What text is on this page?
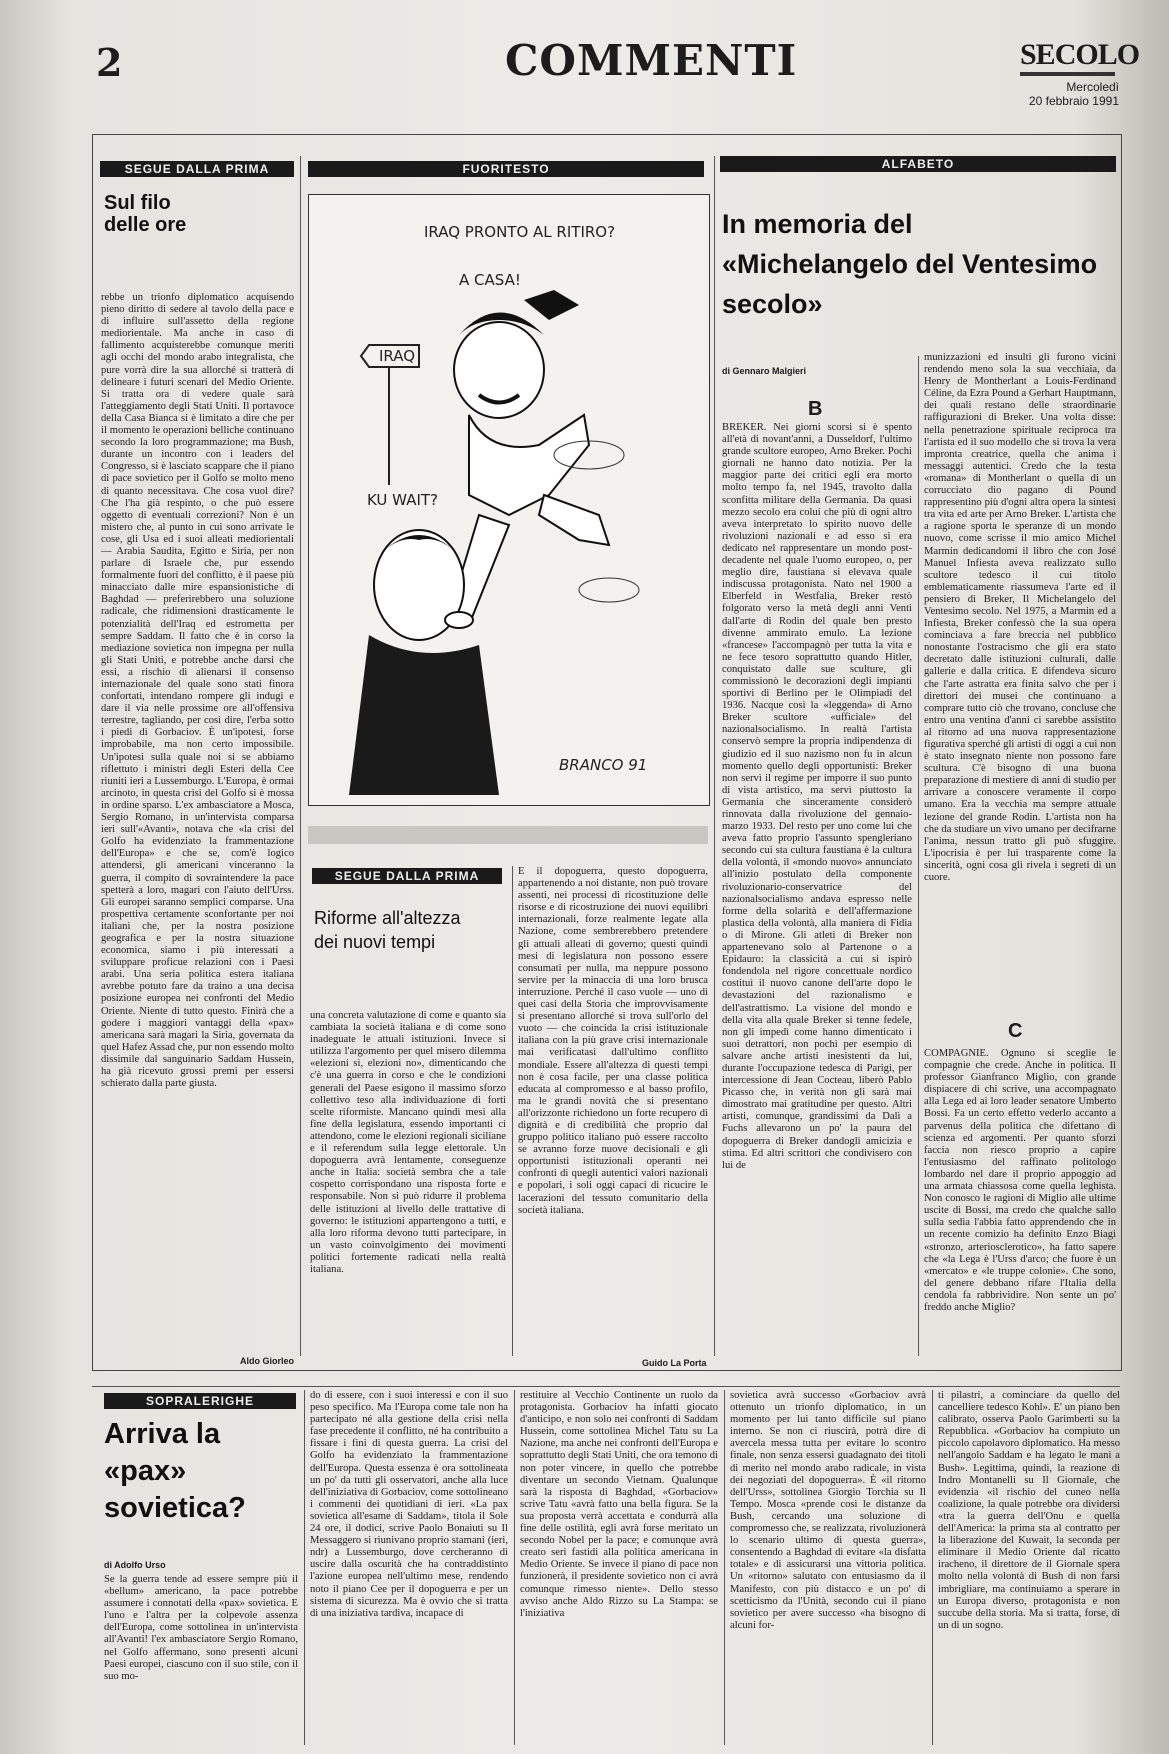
2	COMMENTI	SECOLO
Mercoledì
20 febbraio 1991
SEGUE DALLA PRIMA
Sul filo delle ore

rebbe un trionfo diplomatico acquisendo pieno diritto di sedere al tavolo della pace e di influire sull'assetto della regione mediorientale. Ma anche in caso di fallimento acquisterebbe comunque meriti agli occhi del mondo arabo integralista, che pure vorrà dire la sua allorché si tratterà di delineare i futuri scenari del Medio Oriente. Si tratta ora di vedere quale sarà l'atteggiamento degli Stati Uniti. Il portavoce della Casa Bianca si è limitato a dire che per il momento le operazioni belliche continuano secondo la loro programmazione; ma Bush, durante un incontro con i leaders del Congresso, si è lasciato scappare che il piano di pace sovietico per il Golfo se molto meno di quanto necessitava. Che cosa vuol dire? Che l'ha già respinto, o che può essere oggetto di eventuali correzioni? Non è un mistero che, al punto in cui sono arrivate le cose, gli Usa ed i suoi alleati mediorientali — Arabia Saudita, Egitto e Siria, per non parlare di Israele che, pur essendo formalmente fuori del conflitto, è il paese più minacciato dalle mire espansionistiche di Baghdad — preferirebbero una soluzione radicale, che ridimensioni drasticamente le potenzialità dell'Iraq ed estrometta per sempre Saddam. Il fatto che è in corso la mediazione sovietica non impegna per nulla gli Stati Uniti, e potrebbe anche darsi che essi, a rischio di alienarsi il consenso internazionale del quale sono stati finora confortati, intendano rompere gli indugi e dare il via nelle prossime ore all'offensiva terrestre, tagliando, per così dire, l'erba sotto i piedi di Gorbaciov. È un'ipotesi, forse improbabile, ma non certo impossibile. Un'ipotesi sulla quale noi si se abbiamo riflettuto i ministri degli Esteri della Cee riuniti ieri a Lussemburgo. L'Europa, è ormai arcinoto, in questa crisi del Golfo si è mossa in ordine sparso. L'ex ambasciatore a Mosca, Sergio Romano, in un'intervista comparsa ieri sull'«Avanti», notava che «la crisi del Golfo ha evidenziato la frammentazione dell'Europa» e che se, com'è logico attendersi, gli americani vinceranno la guerra, il compito di sovraintendere la pace spetterà a loro, magari con l'aiuto dell'Urss. Gli europei saranno semplici comparse. Una prospettiva certamente sconfortante per noi italiani che, per la nostra posizione geografica e per la nostra situazione economica, siamo i più interessati a sviluppare proficue relazioni con i Paesi arabi. Una seria politica estera italiana avrebbe potuto fare da traino a una decisa posizione europea nei confronti del Medio Oriente. Niente di tutto questo. Finirà che a godere i maggiori vantaggi della «pax» americana sarà magari la Siria, governata da quel Hafez Assad che, pur non essendo molto dissimile dal sanguinario Saddam Hussein, ha già ricevuto grossi premi per essersi schierato dalla parte giusta.

Aldo Giorleo
FUORITESTO
IRAQ PRONTO AL RITIRO?
A CASA!
IRAQ
KU WAIT?
BRANCO 91
ALFABETO
In memoria del «Michelangelo del Ventesimo secolo»
di Gennaro Malgieri
B

BREKER. Nei giorni scorsi si è spento all'età di novant'anni, a Dusseldorf, l'ultimo grande scultore europeo, Arno Breker. Pochi giornali ne hanno dato notizia. Per la maggior parte dei critici egli era morto molto tempo fa, nel 1945, travolto dalla sconfitta militare della Germania. Da quasi mezzo secolo era colui che più di ogni altro aveva interpretato lo spirito nuovo delle rivoluzioni nazionali e ad esso si era dedicato nel rappresentare un mondo post-decadente nel quale l'uomo europeo, o, per meglio dire, faustiana si elevava quale indiscussa protagonista. Nato nel 1900 a Elberfeld in Westfalia, Breker restò folgorato verso la metà degli anni Venti dall'arte di Rodin del quale ben presto divenne ammirato emulo. La lezione «francese» l'accompagnò per tutta la vita e ne fece tesoro soprattutto quando Hitler, conquistato dalle sue sculture, gli commissionò le decorazioni degli impianti sportivi di Berlino per le Olimpiadi del 1936. Nacque così la «leggenda» di Arno Breker scultore «ufficiale» del nazionalsocialismo. In realtà l'artista conservò sempre la propria indipendenza di giudizio ed il suo nazismo non fu in alcun momento quello degli opportunisti: Breker non servì il regime per imporre il suo punto di vista artistico, ma servì piuttosto la Germania che sinceramente considerò rinnovata dalla rivoluzione del gennaio-marzo 1933. Del resto per uno come lui che aveva fatto proprio l'assunto spengleriano secondo cui sta cultura faustiana è la cultura della volontà, il «mondo nuovo» annunciato all'inizio postulato della componente rivoluzionario-conservatrice del nazionalsocialismo andava espresso nelle forme della solarità e dell'affermazione plastica della volontà, alla maniera di Fidia o di Mirone. Gli atleti di Breker non appartenevano solo al Partenone o a Epidauro: la classicità a cui si ispirò fondendola nel rigore concettuale nordico costituì il nuovo canone dell'arte dopo le devastazioni del razionalismo e dell'astrattismo. La visione del mondo e della vita alla quale Breker si tenne fedele, non gli impedì come hanno dimenticato i suoi detrattori, non pochi per esempio di salvare anche artisti inesistenti da lui, durante l'occupazione tedesca di Parigi, per intercessione di Jean Cocteau, liberò Pablo Picasso che, in verità non gli sarà mai dimostrato mai gratitudine per questo. Altri artisti, comunque, grandissimi da Dalì a Fuchs allevarono un po' la paura del dopoguerra di Breker dandogli amicizia e stima. Ed altri scrittori che condivisero con lui de

munizzazioni ed insulti gli furono vicini rendendo meno sola la sua vecchiaia, da Henry de Montherlant a Louis-Ferdinand Céline, da Ezra Pound a Gerhart Hauptmann, dei quali restano delle straordinarie raffigurazioni di Breker. Una volta disse: nella penetrazione spirituale reciproca tra l'artista ed il suo modello che si trova la vera impronta creatrice, quella che anima i messaggi autentici. Credo che la testa «romana» di Montherlant o quella di un corrucciato dio pagano di Pound rappresentino più d'ogni altra opera la sintesi tra vita ed arte per Arno Breker. L'artista che a ragione sporta le speranze di un mondo nuovo, come scrisse il mio amico Michel Marmin dedicandomi il libro che con José Manuel Infiesta aveva realizzato sullo scultore tedesco il cui titolo emblematicamente riassumeva l'arte ed il pensiero di Breker, Il Michelangelo del Ventesimo secolo. Nel 1975, a Marmin ed a Infiesta, Breker confessò che la sua opera cominciava a fare breccia nel pubblico nonostante l'ostracismo che gli era stato decretato dalle istituzioni culturali, dalle gallerie e dalla critica. E difendeva sicuro che l'arte astratta era finita salvo che per i direttori dei musei che continuano a comprare tutto ciò che trovano, concluse che entro una ventina d'anni ci sarebbe assistito al ritorno ad una nuova rappresentazione figurativa sperché gli artisti di oggi a cui non è stato insegnato niente non possono fare scultura. C'è bisogno di una buona preparazione di mestiere di anni di studio per arrivare a conoscere veramente il corpo umano. Era la vecchia ma sempre attuale lezione del grande Rodin. L'artista non ha che da studiare un vivo umano per decifrarne l'anima, nessun tratto gli può sfuggire. L'ipocrisia è per lui trasparente come la sincerità, ogni cosa gli rivela i segreti di un cuore.

C

COMPAGNIE. Ognuno si sceglie le compagnie che crede. Anche in politica. Il professor Gianfranco Miglio, con grande dispiacere di chi scrive, una accompagnato alla Lega ed ai loro leader senatore Umberto Bossi. Fa un certo effetto vederlo accanto a parvenus della politica che difettano di scienza ed argomenti. Per quanto sforzi faccia non riesco proprio a capire l'entusiasmo del raffinato politologo lombardo nel dare il proprio appoggio ad una armata chiassosa come quella leghista. Non conosco le ragioni di Miglio alle ultime uscite di Bossi, ma credo che qualche sallo sulla sedia l'abbia fatto apprendendo che in un recente comizio ha definito Enzo Biagi «stronzo, arteriosclerotico», ha fatto sapere che «la Lega è l'Urss d'arco; che fuore è un «mercato» e «le truppe colonie». Che sono, del genere debbano rifare l'Italia della cendola fa rabbrividire. Non sente un po' freddo anche Miglio?

SEGUE DALLA PRIMA
Riforme all'altezza dei nuovi tempi

una concreta valutazione di come e quanto sia cambiata la società italiana e di come sono inadeguate le attuali istituzioni. Invece si utilizza l'argomento per quel misero dilemma «elezioni sì, elezioni no», dimenticando che c'è una guerra in corso e che le condizioni generali del Paese esigono il massimo sforzo collettivo teso alla individuazione di forti scelte riformiste. Mancano quindi mesi alla fine della legislatura, essendo importanti ci attendono, come le elezioni regionali siciliane e il referendum sulla legge elettorale. Un dopoguerra avrà lentamente, conseguenze anche in Italia: società sembra che a tale cospetto corrispondano una risposta forte e responsabile. Non si può ridurre il problema delle istituzioni al livello delle trattative di governo: le istituzioni appartengono a tutti, e alla loro riforma devono tutti partecipare, in un vasto coinvolgimento dei movimenti politici fortemente radicati nella realtà italiana.

E il dopoguerra, questo dopoguerra, appartenendo a noi distante, non può trovare assenti, nei processi di ricostituzione delle risorse e di ricostruzione dei nuovi equilibri internazionali, forze realmente legate alla Nazione, come sembrerebbero pretendere gli attuali alleati di governo; questi quindi mesi di legislatura non possono essere consumati per nulla, ma neppure possono servire per la minaccia di una loro brusca interruzione. Perché il caso vuole — uno di quei casi della Storia che improvvisamente si presentano allorché si trova sull'orlo del vuoto — che coincida la crisi istituzionale italiana con la più grave crisi internazionale mai verificatasi dall'ultimo conflitto mondiale. Essere all'altezza di questi tempi non è cosa facile, per una classe politica educata al compromesso e al basso profilo, ma le grandi novità che si presentano all'orizzonte richiedono un forte recupero di dignità e di credibilità che proprio dal gruppo politico italiano può essere raccolto se avranno forze nuove decisionali e gli opportunisti istituzionali operanti nei confronti di quegli autentici valori nazionali e popolari, i soli oggi capaci di ricucire le lacerazioni del tessuto comunitario della società italiana.

Guido La Porta
SOPRALERIGHE
Arriva la «pax» sovietica?
di Adolfo Urso

Se la guerra tende ad essere sempre più il «bellum» americano, la pace potrebbe assumere i connotati della «pax» sovietica. E l'uno e l'altra per la colpevole assenza dell'Europa, come sottolinea in un'intervista all'Avanti! l'ex ambasciatore Sergio Romano, nel Golfo affermano, sono presenti alcuni Paesi europei, ciascuno con il suo stile, con il suo mo-

do di essere, con i suoi interessi e con il suo peso specifico. Ma l'Europa come tale non ha partecipato né alla gestione della crisi nella fase precedente il conflitto, né ha contribuito a fissare i fini di questa guerra. La crisi del Golfo ha evidenziato la frammentazione dell'Europa. Questa essenza è ora sottolineata un po' da tutti gli osservatori, anche alla luce dell'iniziativa di Gorbaciov, come sottolineano i commenti dei quotidiani di ieri. «La pax sovietica all'esame di Saddam», titola il Sole 24 ore, il dodici, scrive Paolo Bonaiuti su Il Messaggero si riunivano proprio stamani (ieri, ndr) a Lussemburgo, dove cercheranno di uscire dalla oscurità che ha contraddistinto l'azione europea nell'ultimo mese, rendendo noto il piano Cee per il dopoguerra e per un sistema di sicurezza. Ma è ovvio che si tratta di una iniziativa tardiva, incapace di

restituire al Vecchio Continente un ruolo da protagonista. Gorbaciov ha infatti giocato d'anticipo, e non solo nei confronti di Saddam Hussein, come sottolinea Michel Tatu su La Nazione, ma anche nei confronti dell'Europa e soprattutto degli Stati Uniti, che ora temono di non poter vincere, in quello che potrebbe diventare un secondo Vietnam. Qualunque sarà la risposta di Baghdad, «Gorbaciov» scrive Tatu «avrà fatto una bella figura. Se la sua proposta verrà accettata e condurrà alla fine delle ostilità, egli avrà forse meritato un secondo Nobel per la pace; e comunque avrà creato seri fastidi alla politica americana in Medio Oriente. Se invece il piano di pace non funzionerà, il presidente sovietico non ci avrà comunque rimesso niente». Dello stesso avviso anche Aldo Rizzo su La Stampa: se l'iniziativa

sovietica avrà successo «Gorbaciov avrà ottenuto un trionfo diplomatico, in un momento per lui tanto difficile sul piano interno. Se non ci riuscirà, potrà dire di avercela messa tutta per evitare lo scontro finale, non senza essersi guadagnato dei titoli di merito nel mondo arabo radicale, in vista dei negoziati del dopoguerra». È «il ritorno dell'Urss», sottolinea Giorgio Torchia su Il Tempo. Mosca «prende così le distanze da Bush, cercando una soluzione di compromesso che, se realizzata, rivoluzionerà lo scenario ultimo di questa guerra», consentendo a Baghdad di evitare «la disfatta totale» e di assicurarsi una vittoria politica. Un «ritorno» salutato con entusiasmo da il Manifesto, con più distacco e un po' di scetticismo da l'Unità, secondo cui il piano sovietico per avere successo «ha bisogno di alcuni for-

ti pilastri, a cominciare da quello del cancelliere tedesco Kohl». E' un piano ben calibrato, osserva Paolo Garimberti su la Repubblica. «Gorbaciov ha compiuto un piccolo capolavoro diplomatico. Ha messo nell'angolo Saddam e ha legato le mani a Bush». Legittima, quindi, la reazione di Indro Montanelli su Il Giornale, che evidenzia «il rischio del cuneo nella coalizione, la quale potrebbe ora dividersi «tra la guerra dell'Onu e quella dell'America: la prima sta al contratto per la liberazione del Kuwait, la seconda per eliminare il Medio Oriente dal ricatto iracheno, il direttore de il Giornale spera molto nella volontà di Bush di non farsi imbrigliare, ma continuiamo a sperare in un Europa diverso, protagonista e non succube della storia. Ma si tratta, forse, di un di un sogno.
